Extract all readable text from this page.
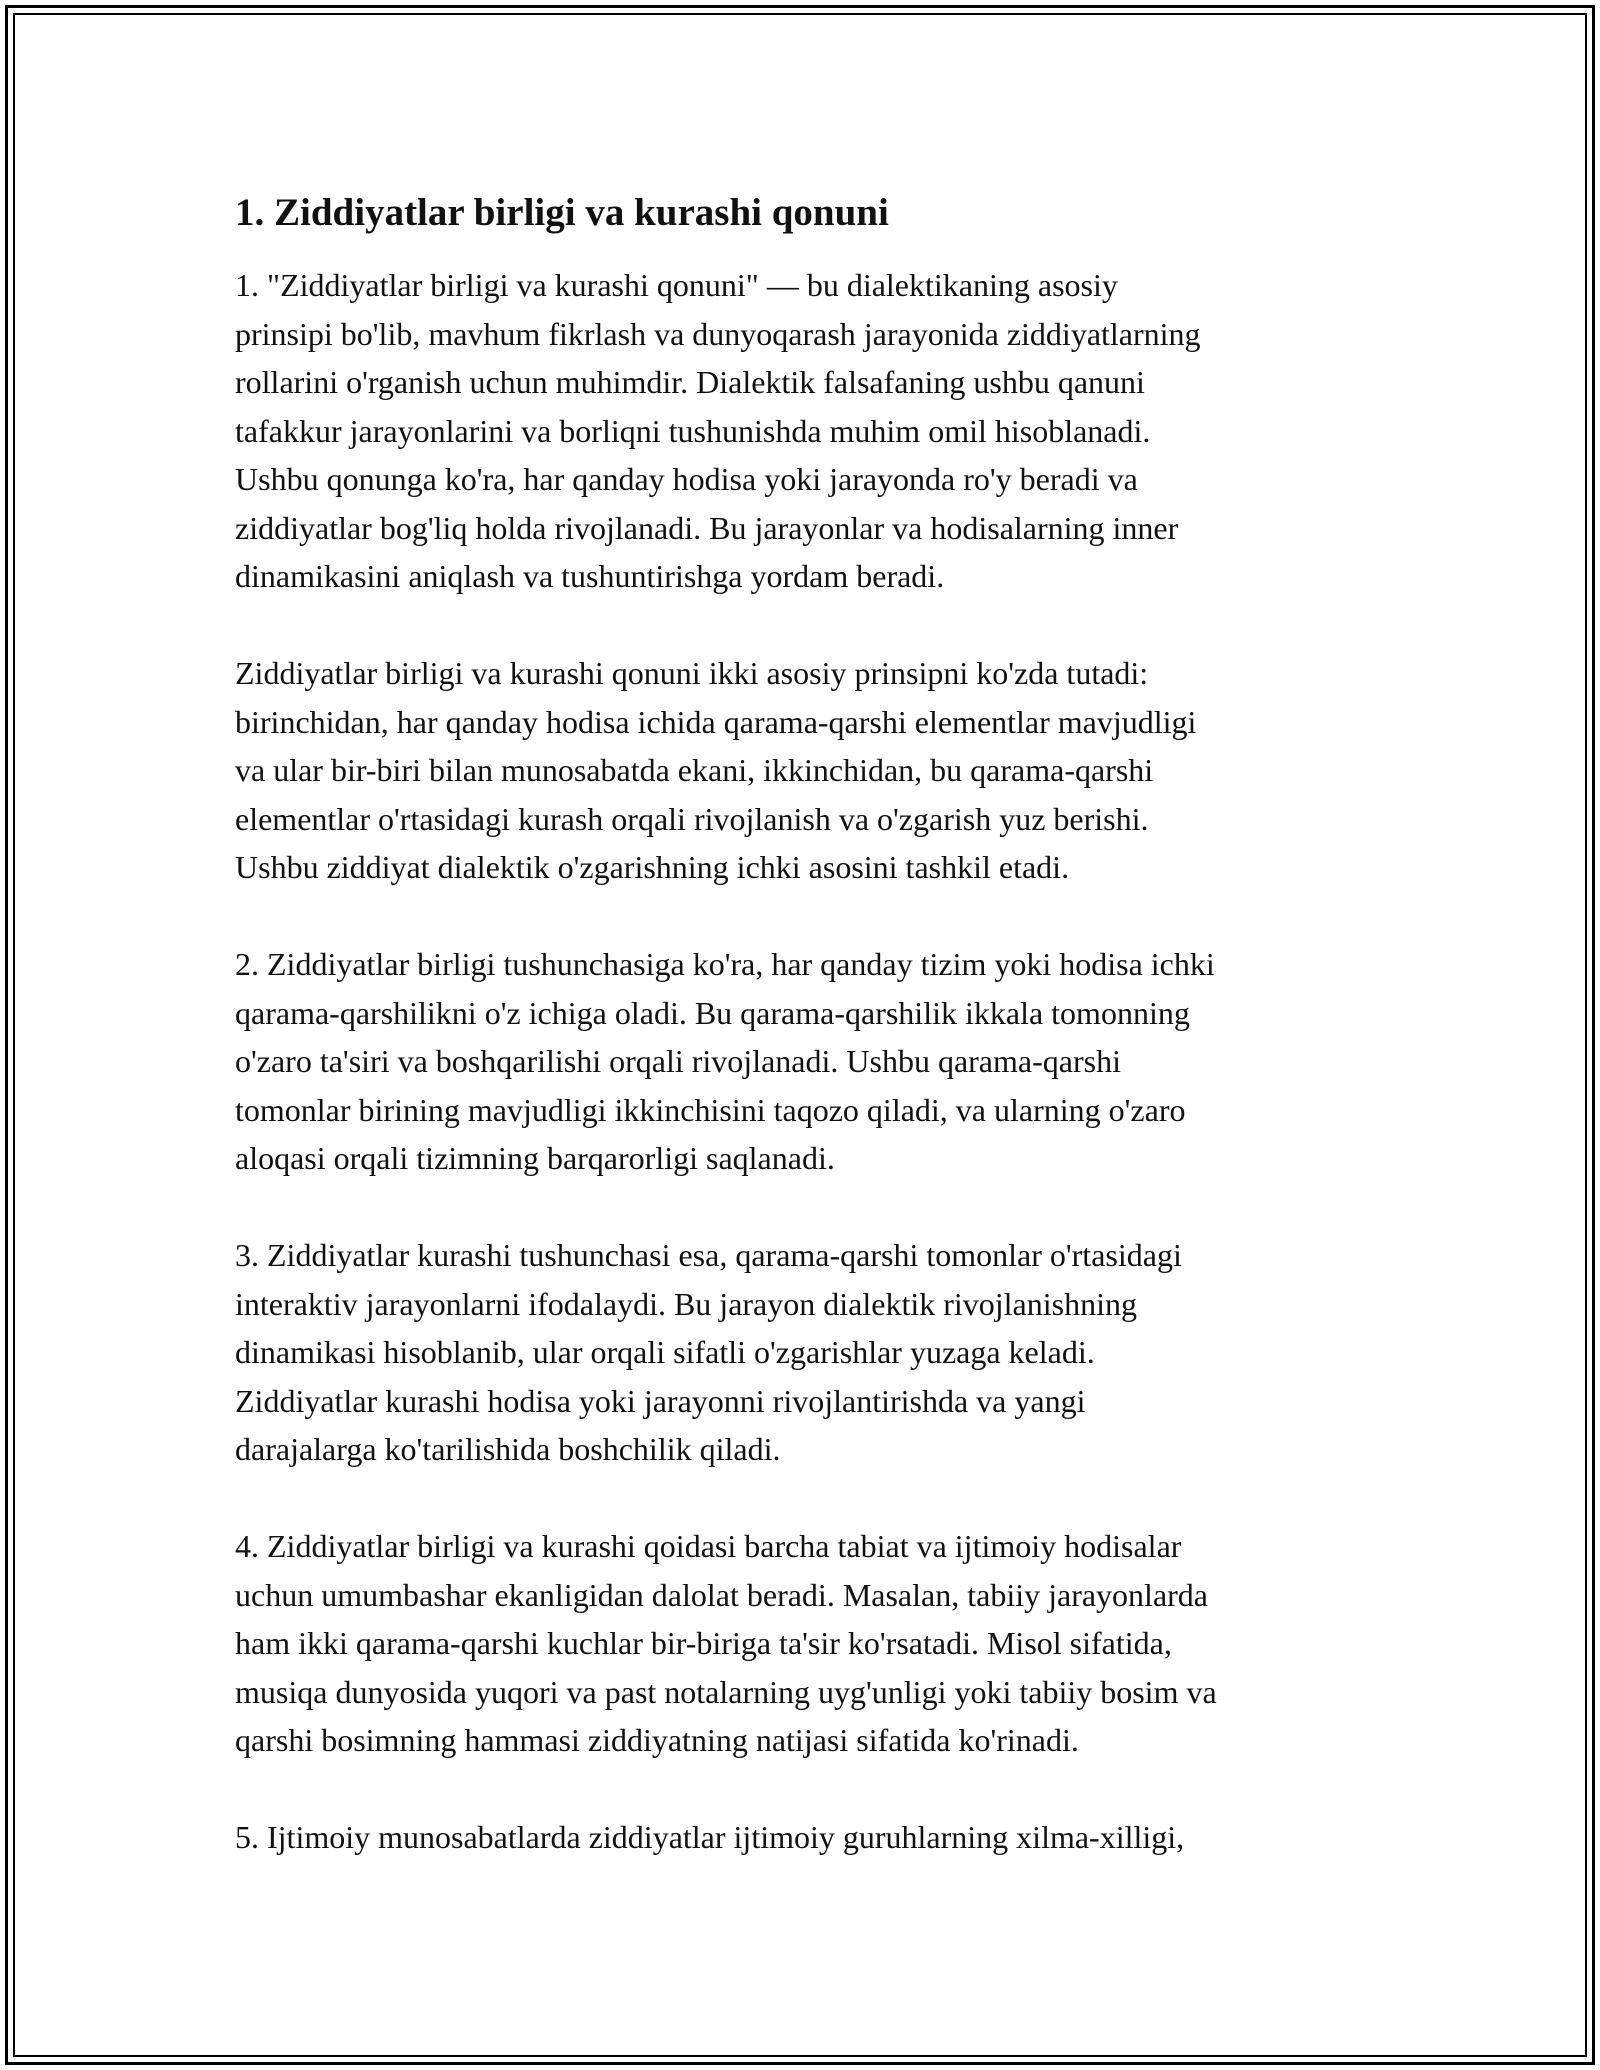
1. Ziddiyatlar birligi va kurashi qonuni

1. "Ziddiyatlar birligi va kurashi qonuni" — bu dialektikaning asosiy
prinsipi bo'lib, mavhum fikrlash va dunyoqarash jarayonida ziddiyatlarning
rollarini o'rganish uchun muhimdir. Dialektik falsafaning ushbu qanuni
tafakkur jarayonlarini va borliqni tushunishda muhim omil hisoblanadi.
Ushbu qonunga ko'ra, har qanday hodisa yoki jarayonda ro'y beradi va
ziddiyatlar bog'liq holda rivojlanadi. Bu jarayonlar va hodisalarning inner
dinamikasini aniqlash va tushuntirishga yordam beradi.

Ziddiyatlar birligi va kurashi qonuni ikki asosiy prinsipni ko'zda tutadi:
birinchidan, har qanday hodisa ichida qarama-qarshi elementlar mavjudligi
va ular bir-biri bilan munosabatda ekani, ikkinchidan, bu qarama-qarshi
elementlar o'rtasidagi kurash orqali rivojlanish va o'zgarish yuz berishi.
Ushbu ziddiyat dialektik o'zgarishning ichki asosini tashkil etadi.

2. Ziddiyatlar birligi tushunchasiga ko'ra, har qanday tizim yoki hodisa ichki
qarama-qarshilikni o'z ichiga oladi. Bu qarama-qarshilik ikkala tomonning
o'zaro ta'siri va boshqarilishi orqali rivojlanadi. Ushbu qarama-qarshi
tomonlar birining mavjudligi ikkinchisini taqozo qiladi, va ularning o'zaro
aloqasi orqali tizimning barqarorligi saqlanadi.

3. Ziddiyatlar kurashi tushunchasi esa, qarama-qarshi tomonlar o'rtasidagi
interaktiv jarayonlarni ifodalaydi. Bu jarayon dialektik rivojlanishning
dinamikasi hisoblanib, ular orqali sifatli o'zgarishlar yuzaga keladi.
Ziddiyatlar kurashi hodisa yoki jarayonni rivojlantirishda va yangi
darajalarga ko'tarilishida boshchilik qiladi.

4. Ziddiyatlar birligi va kurashi qoidasi barcha tabiat va ijtimoiy hodisalar
uchun umumbashar ekanligidan dalolat beradi. Masalan, tabiiy jarayonlarda
ham ikki qarama-qarshi kuchlar bir-biriga ta'sir ko'rsatadi. Misol sifatida,
musiqa dunyosida yuqori va past notalarning uyg'unligi yoki tabiiy bosim va
qarshi bosimning hammasi ziddiyatning natijasi sifatida ko'rinadi.

5. Ijtimoiy munosabatlarda ziddiyatlar ijtimoiy guruhlarning xilma-xilligi,
